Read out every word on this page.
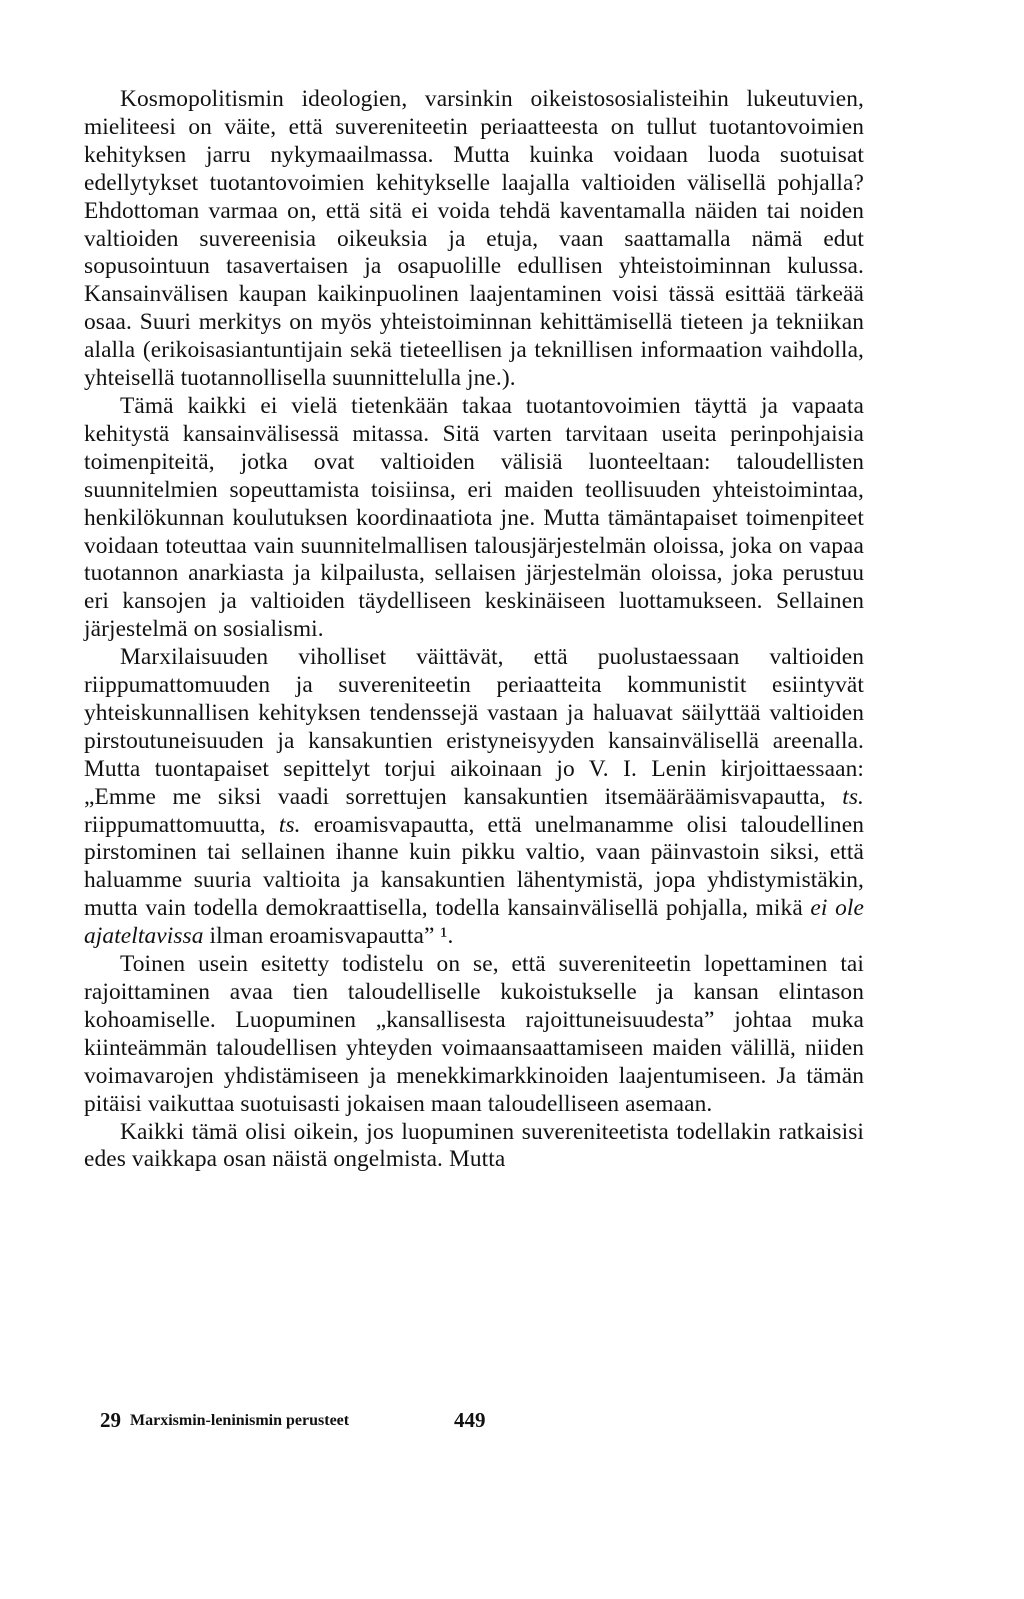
Kosmopolitismin ideologien, varsinkin oikeistososialisteihin lukeutuvien, mieliteesi on väite, että suvereniteetin periaatteesta on tullut tuotantovoimien kehityksen jarru nykymaailmassa. Mutta kuinka voidaan luoda suotuisat edellytykset tuotantovoimien kehitykselle laajalla valtioiden välisellä pohjalla? Ehdottoman varmaa on, että sitä ei voida tehdä kaventamalla näiden tai noiden valtioiden suvereenisia oikeuksia ja etuja, vaan saattamalla nämä edut sopusointuun tasavertaisen ja osapuolille edullisen yhteistoiminnan kulussa. Kansainvälisen kaupan kaikinpuolinen laajentaminen voisi tässä esittää tärkeää osaa. Suuri merkitys on myös yhteistoiminnan kehittämisellä tieteen ja tekniikan alalla (erikoisasiantuntijain sekä tieteellisen ja teknillisen informaation vaihdolla, yhteisellä tuotannollisella suunnittelulla jne.).

Tämä kaikki ei vielä tietenkään takaa tuotantovoimien täyttä ja vapaata kehitystä kansainvälisessä mitassa. Sitä varten tarvitaan useita perinpohjaisia toimenpiteitä, jotka ovat valtioiden välisiä luonteeltaan: taloudellisten suunnitelmien sopeuttamista toisiinsa, eri maiden teollisuuden yhteistoimintaa, henkilökunnan koulutuksen koordinaatiota jne. Mutta tämäntapaiset toimenpiteet voidaan toteuttaa vain suunnitelmallisen talousjärjestelmän oloissa, joka on vapaa tuotannon anarkiasta ja kilpailusta, sellaisen järjestelmän oloissa, joka perustuu eri kansojen ja valtioiden täydelliseen keskinäiseen luottamukseen. Sellainen järjestelmä on sosialismi.

Marxilaisuuden viholliset väittävät, että puolustaessaan valtioiden riippumattomuuden ja suvereniteetin periaatteita kommunistit esiintyvät yhteiskunnallisen kehityksen tendenssejä vastaan ja haluavat säilyttää valtioiden pirstoutuneisuuden ja kansakuntien eristyneisyyden kansainvälisellä areenalla. Mutta tuontapaiset sepittelyt torjui aikoinaan jo V. I. Lenin kirjoittaessaan: „Emme me siksi vaadi sorrettujen kansakuntien itsemääräämisvapautta, ts. riippumattomuutta, ts. eroamisvapautta, että unelmanamme olisi taloudellinen pirstominen tai sellainen ihanne kuin pikku valtio, vaan päinvastoin siksi, että haluamme suuria valtioita ja kansakuntien lähentymistä, jopa yhdistymistäkin, mutta vain todella demokraattisella, todella kansainvälisellä pohjalla, mikä ei ole ajateltavissa ilman eroamisvapautta” ¹.

Toinen usein esitetty todistelu on se, että suvereniteetin lopettaminen tai rajoittaminen avaa tien taloudelliselle kukoistukselle ja kansan elintason kohoamiselle. Luopuminen „kansallisesta rajoittuneisuudesta” johtaa muka kiinteämmän taloudellisen yhteyden voimaansaattamiseen maiden välillä, niiden voimavarojen yhdistämiseen ja menekkimarkkinoiden laajentumiseen. Ja tämän pitäisi vaikuttaa suotuisasti jokaisen maan taloudelliseen asemaan.

Kaikki tämä olisi oikein, jos luopuminen suvereniteetista todellakin ratkaisisi edes vaikkapa osan näistä ongelmista. Mutta

29 Marxismin-leninismin perusteet	449
